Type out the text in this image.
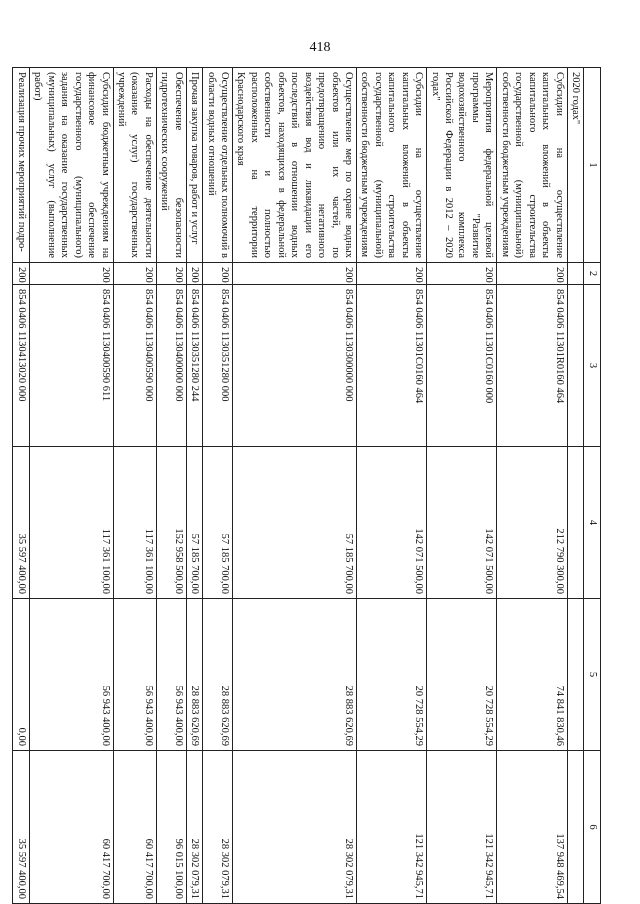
418
1	2	3	4	5	6
2020 годах"					
Субсидии на осуществление капитальных вложений в объекты капитального строительства государственной (муниципальной) собственности бюджетным учреждениям	200	854 0406 11301R0160 464	212 790 300,00	74 841 830,46	137 948 469,54
Мероприятия федеральной целевой программы "Развитие водохозяйственного комплекса Российской Федерации в 2012 – 2020 годах"	200	854 0406 11301С0160 000	142 071 500,00	20 728 554,29	121 342 945,71
Субсидии на осуществление капитальных вложений в объекты капитального строительства государственной (муниципальной) собственности бюджетным учреждениям	200	854 0406 11301С0160 464	142 071 500,00	20 728 554,29	121 342 945,71
Осуществление мер по охране водных объектов или их частей, по предотвращению негативного воздействия вод и ликвидации его последствий в отношении водных объектов, находящихся в федеральной собственности и полностью расположенных на территории Краснодарского края	200	854 0406 1130300000 000	57 185 700,00	28 883 620,69	28 302 079,31
Осуществление отдельных полномочий в области водных отношений	200	854 0406 1130351280 000	57 185 700,00	28 883 620,69	28 302 079,31
Прочая закупка товаров, работ и услуг	200	854 0406 1130351280 244	57 185 700,00	28 883 620,69	28 302 079,31
Обеспечение безопасности гидротехнических сооружений	200	854 0406 1130400000 000	152 958 500,00	56 943 400,00	96 015 100,00
Расходы на обеспечение деятельности (оказание услуг) государственных учреждений	200	854 0406 1130400590 000	117 361 100,00	56 943 400,00	60 417 700,00
Субсидии бюджетным учреждениям на финансовое обеспечение государственного (муниципального) задания на оказание государственных (муниципальных) услуг (выполнение работ)	200	854 0406 1130400590 611	117 361 100,00	56 943 400,00	60 417 700,00
Реализация прочих мероприятий подро-	200	854 0406 1130413020 000	35 597 400,00	0,00	35 597 400,00
